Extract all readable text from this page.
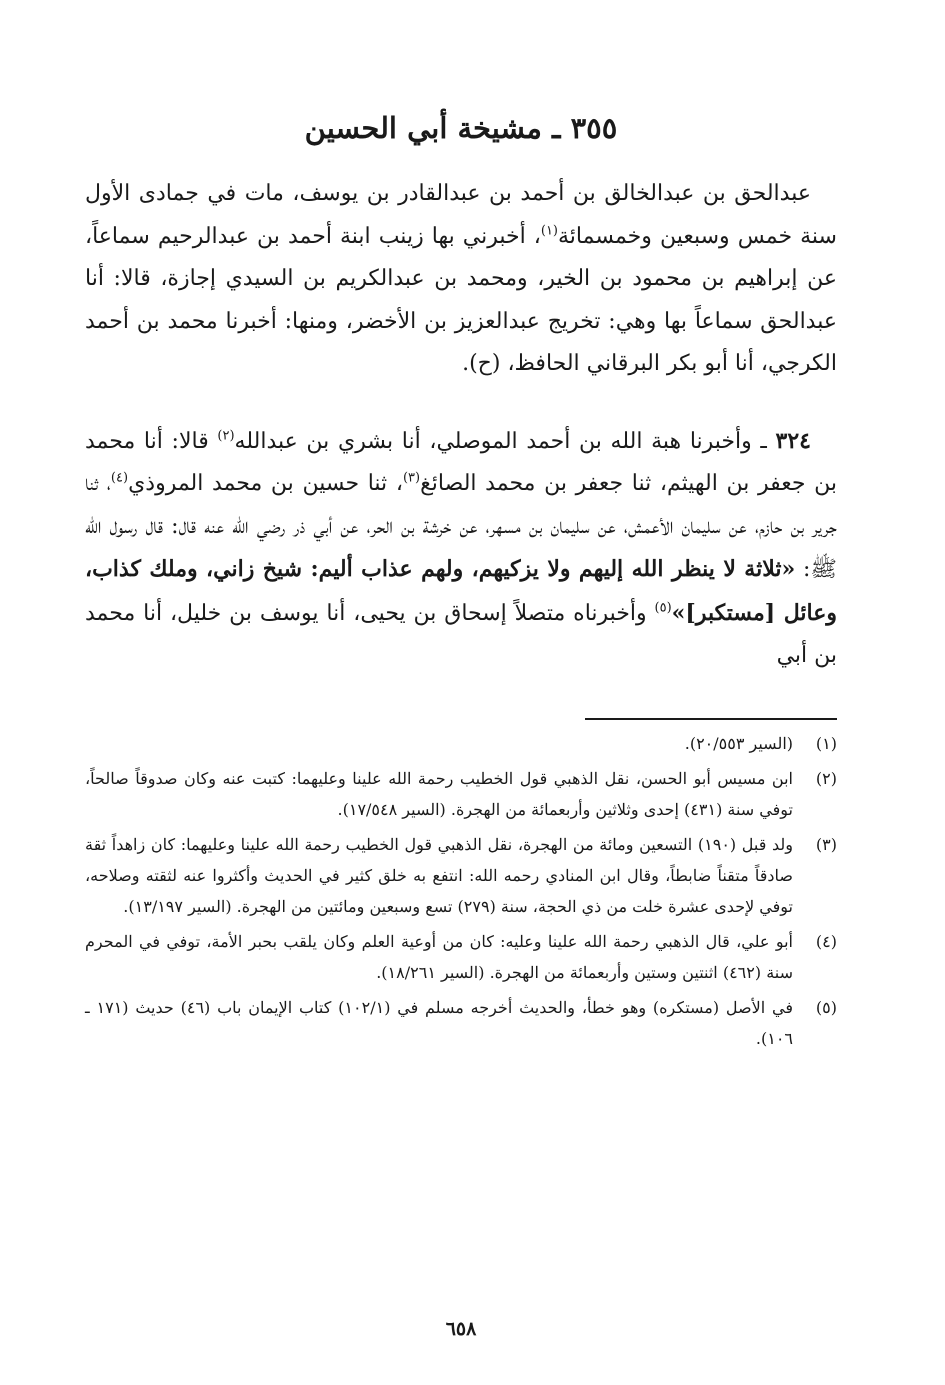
٣٥٥ ـ مشيخة أبي الحسين

عبدالحق بن عبدالخالق بن أحمد بن عبدالقادر بن يوسف، مات في جمادى الأول سنة خمس وسبعين وخمسمائة$^{(١)}$، أخبرني بها زينب ابنة أحمد بن عبدالرحيم سماعاً، عن إبراهيم بن محمود بن الخير، ومحمد بن عبدالكريم بن السيدي إجازة، قالا: أنا عبدالحق سماعاً بها وهي: تخريج عبدالعزيز بن الأخضر، ومنها: أخبرنا محمد بن أحمد الكرجي، أنا أبو بكر البرقاني الحافظ، (ح).

٣٢٤ ـ وأخبرنا هبة الله بن أحمد الموصلي، أنا بشري بن عبدالله$^{(٢)}$ قالا: أنا محمد بن جعفر بن الهيثم، ثنا جعفر بن محمد الصائغ$^{(٣)}$، ثنا حسين بن محمد المروذي$^{(٤)}$، ثنا جرير بن حازم، عن سليمان الأعمش، عن سليمان بن مسهر، عن خرشة بن الحر، عن أبي ذر رضي الله عنه قال: قال رسول الله ﷺ: «ثلاثة لا ينظر الله إليهم ولا يزكيهم، ولهم عذاب أليم: شيخ زاني، وملك كذاب، وعائل [مستكبر]»$^{(٥)}$ وأخبرناه متصلاً إسحاق بن يحيى، أنا يوسف بن خليل، أنا محمد بن أبي

(١)
(السير ٢٠/٥٥٣).
(٢)
ابن مسيس أبو الحسن، نقل الذهبي قول الخطيب رحمة الله علينا وعليهما: كتبت عنه وكان صدوقاً صالحاً، توفي سنة (٤٣١) إحدى وثلاثين وأربعمائة من الهجرة. (السير ١٧/٥٤٨).
(٣)
ولد قبل (١٩٠) التسعين ومائة من الهجرة، نقل الذهبي قول الخطيب رحمة الله علينا وعليهما: كان زاهداً ثقة صادقاً متقناً ضابطاً، وقال ابن المنادي رحمه الله: انتفع به خلق كثير في الحديث وأكثروا عنه لثقته وصلاحه، توفي لإحدى عشرة خلت من ذي الحجة، سنة (٢٧٩) تسع وسبعين ومائتين من الهجرة. (السير ١٣/١٩٧).
(٤)
أبو علي، قال الذهبي رحمة الله علينا وعليه: كان من أوعية العلم وكان يلقب بحبر الأمة، توفي في المحرم سنة (٤٦٢) اثنتين وستين وأربعمائة من الهجرة. (السير ١٨/٢٦١).
(٥)
في الأصل (مستكره) وهو خطأ، والحديث أخرجه مسلم في (١٠٢/١) كتاب الإيمان باب (٤٦) حديث (١٧١ ـ ١٠٦).
٦٥٨
